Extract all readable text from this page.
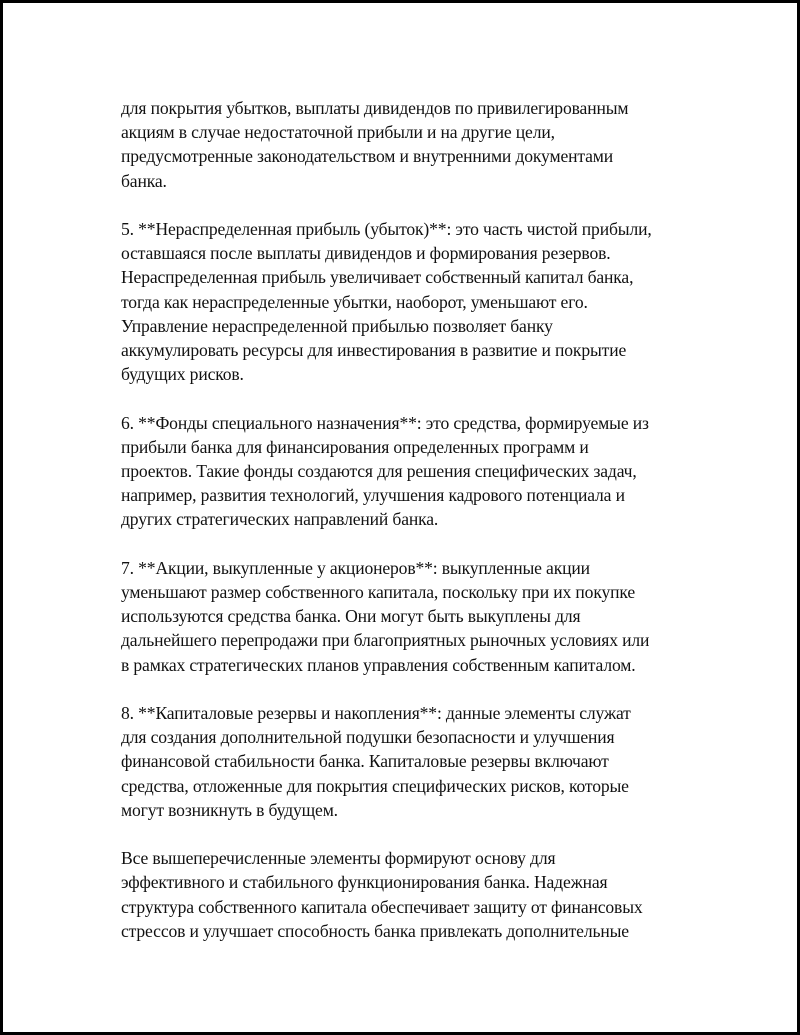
для покрытия убытков, выплаты дивидендов по привилегированным
акциям в случае недостаточной прибыли и на другие цели,
предусмотренные законодательством и внутренними документами
банка.

5. **Нераспределенная прибыль (убыток)**: это часть чистой прибыли,
оставшаяся после выплаты дивидендов и формирования резервов.
Нераспределенная прибыль увеличивает собственный капитал банка,
тогда как нераспределенные убытки, наоборот, уменьшают его.
Управление нераспределенной прибылью позволяет банку
аккумулировать ресурсы для инвестирования в развитие и покрытие
будущих рисков.

6. **Фонды специального назначения**: это средства, формируемые из
прибыли банка для финансирования определенных программ и
проектов. Такие фонды создаются для решения специфических задач,
например, развития технологий, улучшения кадрового потенциала и
других стратегических направлений банка.

7. **Акции, выкупленные у акционеров**: выкупленные акции
уменьшают размер собственного капитала, поскольку при их покупке
используются средства банка. Они могут быть выкуплены для
дальнейшего перепродажи при благоприятных рыночных условиях или
в рамках стратегических планов управления собственным капиталом.

8. **Капиталовые резервы и накопления**: данные элементы служат
для создания дополнительной подушки безопасности и улучшения
финансовой стабильности банка. Капиталовые резервы включают
средства, отложенные для покрытия специфических рисков, которые
могут возникнуть в будущем.

Все вышеперечисленные элементы формируют основу для
эффективного и стабильного функционирования банка. Надежная
структура собственного капитала обеспечивает защиту от финансовых
стрессов и улучшает способность банка привлекать дополнительные
